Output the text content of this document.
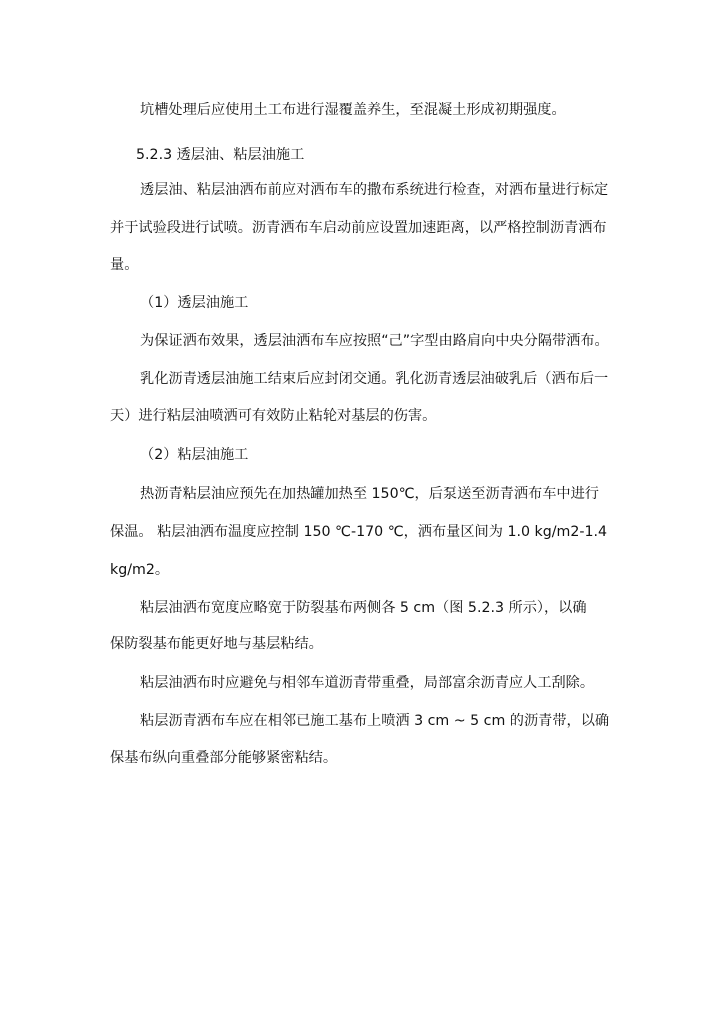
坑槽处理后应使用土工布进行湿覆盖养生，至混凝土形成初期强度。
5.2.3 透层油、粘层油施工
透层油、粘层油洒布前应对洒布车的撒布系统进行检查，对洒布量进行标定
并于试验段进行试喷。沥青洒布车启动前应设置加速距离，以严格控制沥青洒布
量。
（1）透层油施工
为保证洒布效果，透层油洒布车应按照“己”字型由路肩向中央分隔带洒布。
乳化沥青透层油施工结束后应封闭交通。乳化沥青透层油破乳后（洒布后一
天）进行粘层油喷洒可有效防止粘轮对基层的伤害。
（2）粘层油施工
热沥青粘层油应预先在加热罐加热至 150℃，后泵送至沥青洒布车中进行
保温。 粘层油洒布温度应控制 150 ℃-170 ℃，洒布量区间为 1.0 kg/m2-1.4
kg/m2。
粘层油洒布宽度应略宽于防裂基布两侧各 5 cm（图 5.2.3 所示），以确
保防裂基布能更好地与基层粘结。
粘层油洒布时应避免与相邻车道沥青带重叠，局部富余沥青应人工刮除。
粘层沥青洒布车应在相邻已施工基布上喷洒 3 cm ~ 5 cm 的沥青带，以确
保基布纵向重叠部分能够紧密粘结。
